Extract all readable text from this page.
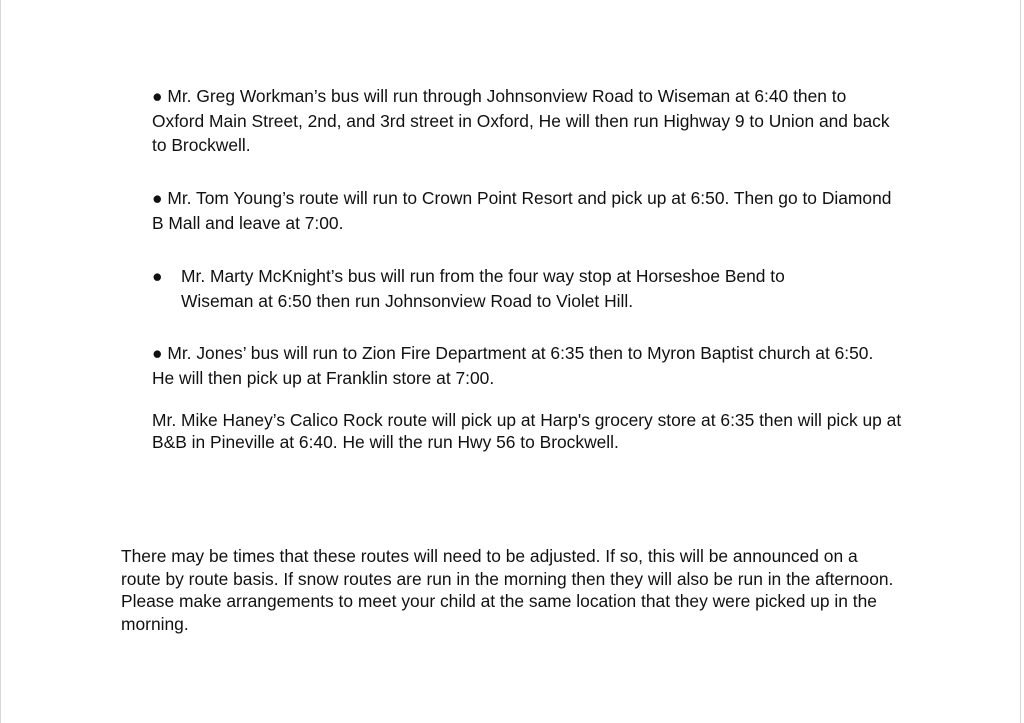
● Mr. Greg Workman’s bus will run through Johnsonview Road to Wiseman at 6:40 then to Oxford Main Street, 2nd, and 3rd street in Oxford, He will then run Highway 9 to Union and back to Brockwell.

● Mr. Tom Young’s route will run to Crown Point Resort and pick up at 6:50. Then go to Diamond B Mall and leave at 7:00.

●	Mr. Marty McKnight’s bus will run from the four way stop at Horseshoe Bend to Wiseman at 6:50 then run Johnsonview Road to Violet Hill.

● Mr. Jones’ bus will run to Zion Fire Department at 6:35 then to Myron Baptist church at 6:50. He will then pick up at Franklin store at 7:00.

Mr. Mike Haney’s Calico Rock route will pick up at Harp's grocery store at 6:35 then will pick up at B&B in Pineville at 6:40. He will the run Hwy 56 to Brockwell.

There may be times that these routes will need to be adjusted. If so, this will be announced on a route by route basis. If snow routes are run in the morning then they will also be run in the afternoon. Please make arrangements to meet your child at the same location that they were picked up in the morning.
